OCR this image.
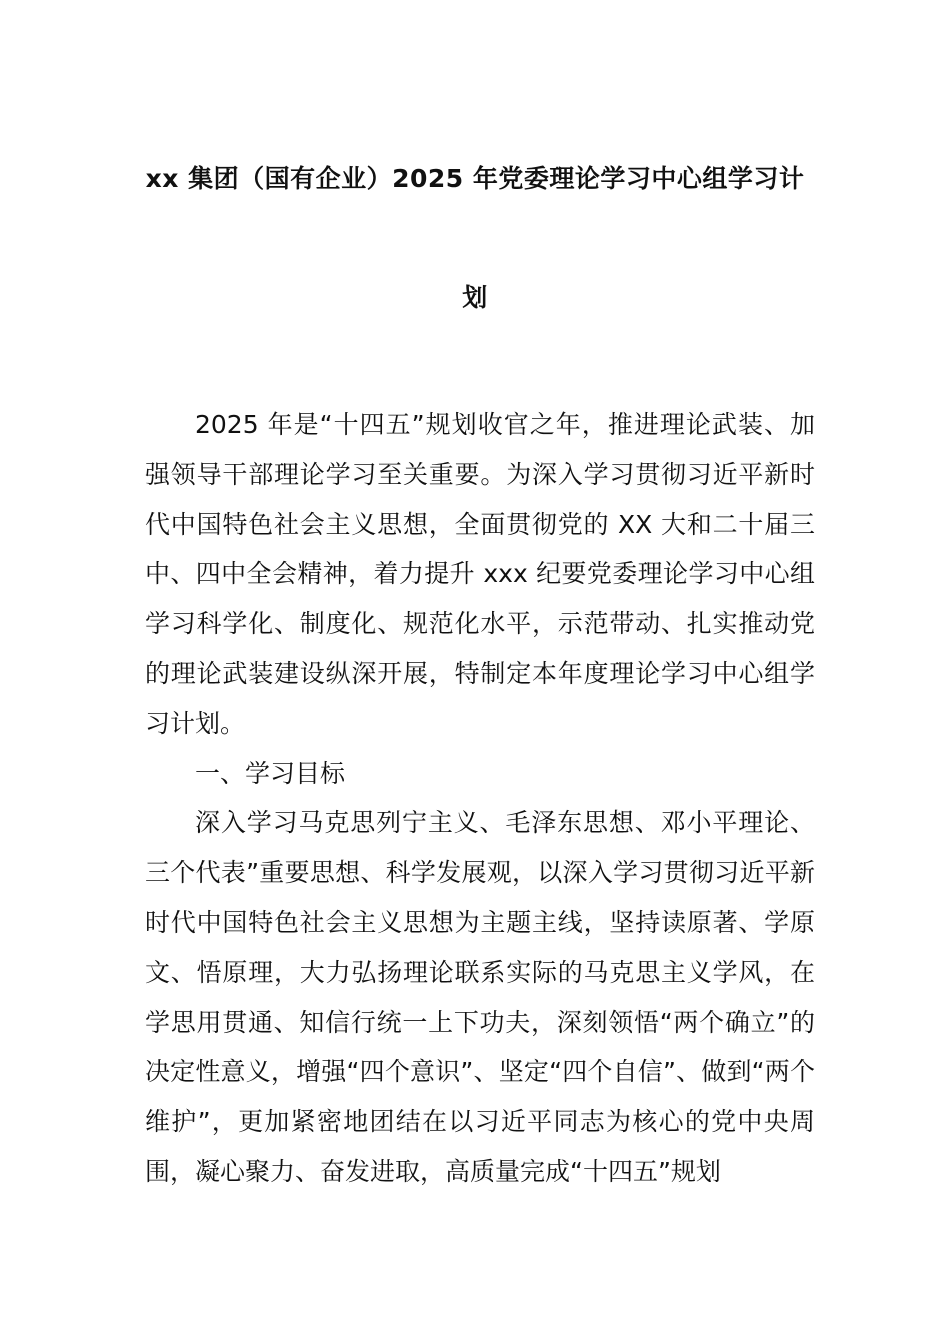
xx 集团（国有企业）2025 年党委理论学习中心组学习计
划

2025 年是“十四五”规划收官之年，推进理论武装、加强领导干部理论学习至关重要。为深入学习贯彻习近平新时代中国特色社会主义思想，全面贯彻党的 XX 大和二十届三中、四中全会精神，着力提升 xxx 纪要党委理论学习中心组学习科学化、制度化、规范化水平，示范带动、扎实推动党的理论武装建设纵深开展，特制定本年度理论学习中心组学习计划。

一、学习目标

深入学习马克思列宁主义、毛泽东思想、邓小平理论、三个代表”重要思想、科学发展观，以深入学习贯彻习近平新时代中国特色社会主义思想为主题主线，坚持读原著、学原文、悟原理，大力弘扬理论联系实际的马克思主义学风，在学思用贯通、知信行统一上下功夫，深刻领悟“两个确立”的决定性意义，增强“四个意识”、坚定“四个自信”、做到“两个维护”，更加紧密地团结在以习近平同志为核心的党中央周围，凝心聚力、奋发进取，高质量完成“十四五”规划
